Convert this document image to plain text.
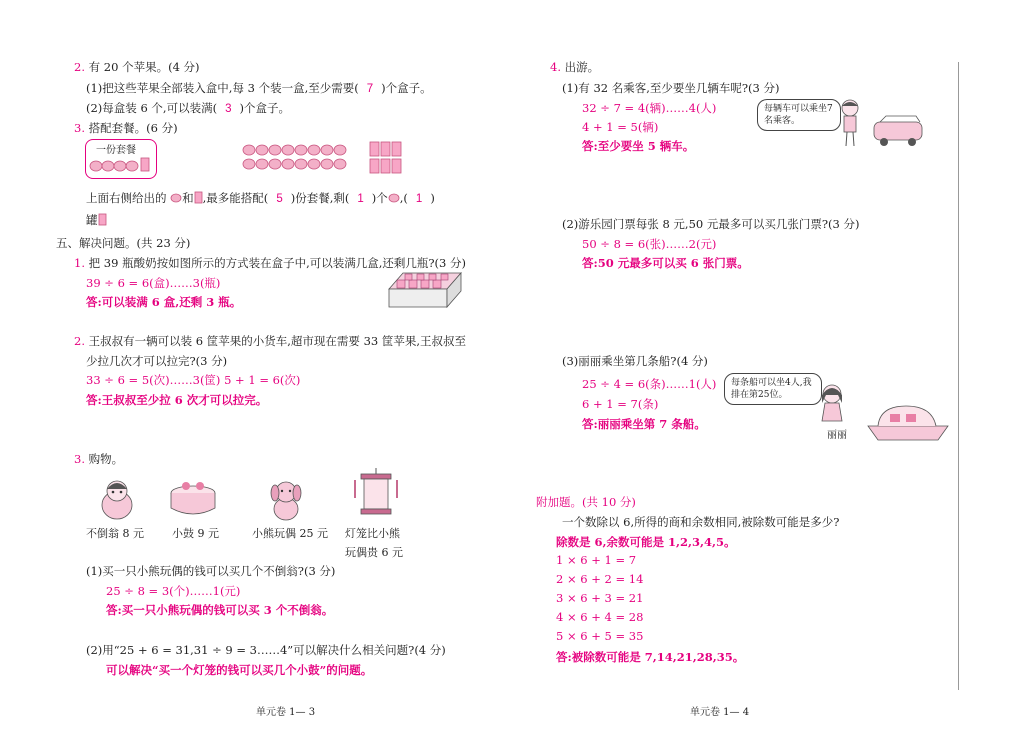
2. 有 20 个苹果。(4 分)
(1)把这些苹果全部装入盒中,每 3 个装一盒,至少需要( 7 )个盒子。
(2)每盒装 6 个,可以装满( 3 )个盒子。
3. 搭配套餐。(6 分)
一份套餐
上面右侧给出的 和 ,最多能搭配( 5 )份套餐,剩( 1 )个 ,( 1 )
罐
五、解决问题。(共 23 分)
1. 把 39 瓶酸奶按如图所示的方式装在盒子中,可以装满几盒,还剩几瓶?(3 分)
39 ÷ 6 = 6(盒)……3(瓶)
答:可以装满 6 盒,还剩 3 瓶。
2. 王叔叔有一辆可以装 6 筐苹果的小货车,超市现在需要 33 筐苹果,王叔叔至
少拉几次才可以拉完?(3 分)
33 ÷ 6 = 5(次)……3(筐) 5 + 1 = 6(次)
答:王叔叔至少拉 6 次才可以拉完。
3. 购物。
不倒翁 8 元	小鼓 9 元	小熊玩偶 25 元 灯笼比小熊
玩偶贵 6 元
(1)买一只小熊玩偶的钱可以买几个不倒翁?(3 分)
25 ÷ 8 = 3(个)……1(元)
答:买一只小熊玩偶的钱可以买 3 个不倒翁。
(2)用“25 + 6 = 31,31 ÷ 9 = 3……4”可以解决什么相关问题?(4 分)
可以解决“买一个灯笼的钱可以买几个小鼓”的问题。
单元卷 1— 3
4. 出游。
(1)有 32 名乘客,至少要坐几辆车呢?(3 分)
32 ÷ 7 = 4(辆)……4(人)
4 + 1 = 5(辆)
答:至少要坐 5 辆车。
每辆车可以乘坐7名乘客。
(2)游乐园门票每张 8 元,50 元最多可以买几张门票?(3 分)
50 ÷ 8 = 6(张)……2(元)
答:50 元最多可以买 6 张门票。
(3)丽丽乘坐第几条船?(4 分)
25 ÷ 4 = 6(条)……1(人)
6 + 1 = 7(条)
答:丽丽乘坐第 7 条船。
每条船可以坐4人,我排在第25位。
丽丽
附加题。(共 10 分)
一个数除以 6,所得的商和余数相同,被除数可能是多少?
除数是 6,余数可能是 1,2,3,4,5。
1 × 6 + 1 = 7
2 × 6 + 2 = 14
3 × 6 + 3 = 21
4 × 6 + 4 = 28
5 × 6 + 5 = 35
答:被除数可能是 7,14,21,28,35。
单元卷 1— 4
